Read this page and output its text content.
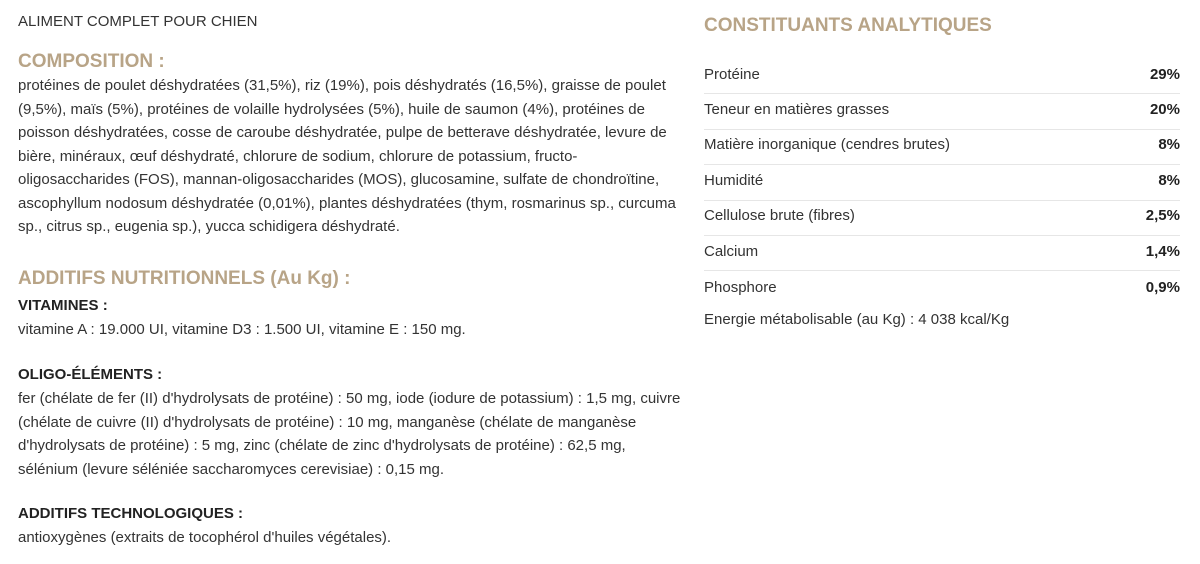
ALIMENT COMPLET POUR CHIEN

COMPOSITION :

protéines de poulet déshydratées (31,5%), riz (19%), pois déshydratés (16,5%), graisse de poulet (9,5%), maïs (5%), protéines de volaille hydrolysées (5%), huile de saumon (4%), protéines de poisson déshydratées, cosse de caroube déshydratée, pulpe de betterave déshydratée, levure de bière, minéraux, œuf déshydraté, chlorure de sodium, chlorure de potassium, fructo-oligosaccharides (FOS), mannan-oligosaccharides (MOS), glucosamine, sulfate de chondroïtine, ascophyllum nodosum déshydratée (0,01%), plantes déshydratées (thym, rosmarinus sp., curcuma sp., citrus sp., eugenia sp.), yucca schidigera déshydraté.

ADDITIFS NUTRITIONNELS (Au Kg) :

VITAMINES :

vitamine A : 19.000 UI, vitamine D3 : 1.500 UI, vitamine E : 150 mg.

OLIGO-ÉLÉMENTS :

fer (chélate de fer (II) d'hydrolysats de protéine) : 50 mg, iode (iodure de potassium) : 1,5 mg, cuivre (chélate de cuivre (II) d'hydrolysats de protéine) : 10 mg, manganèse (chélate de manganèse d'hydrolysats de protéine) : 5 mg, zinc (chélate de zinc d'hydrolysats de protéine) : 62,5 mg, sélénium (levure séléniée saccharomyces cerevisiae) : 0,15 mg.

ADDITIFS TECHNOLOGIQUES :

antioxygènes (extraits de tocophérol d'huiles végétales).

CONSTITUANTS ANALYTIQUES
Protéine	29%
Teneur en matières grasses	20%
Matière inorganique (cendres brutes)	8%
Humidité	8%
Cellulose brute (fibres)	2,5%
Calcium	1,4%
Phosphore	0,9%

Energie métabolisable (au Kg) : 4 038 kcal/Kg
